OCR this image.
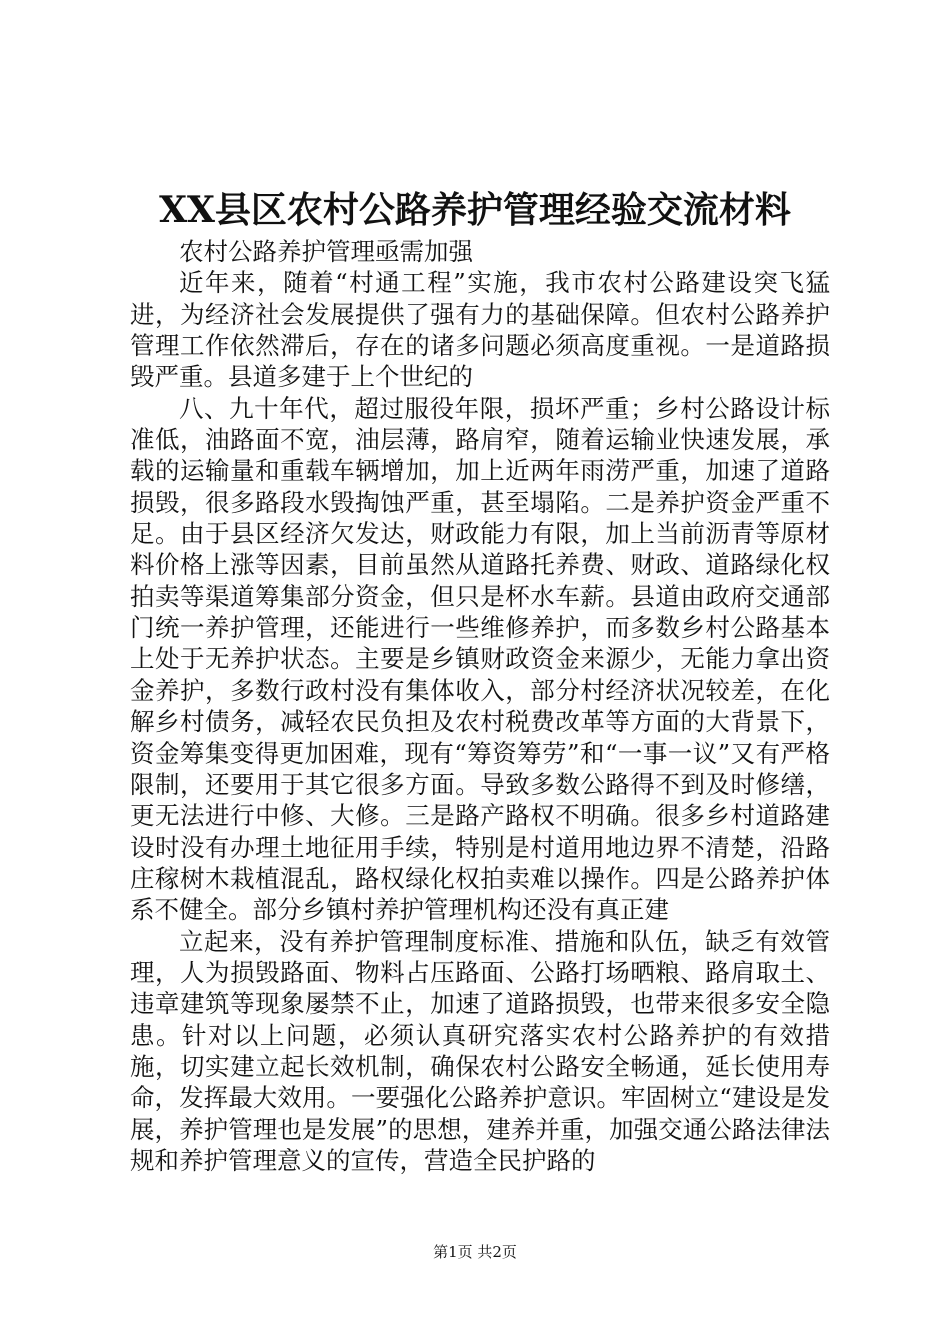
XX县区农村公路养护管理经验交流材料

农村公路养护管理亟需加强

近年来，随着“村通工程”实施，我市农村公路建设突飞猛进，为经济社会发展提供了强有力的基础保障。但农村公路养护管理工作依然滞后，存在的诸多问题必须高度重视。一是道路损毁严重。县道多建于上个世纪的

八、九十年代，超过服役年限，损坏严重；乡村公路设计标准低，油路面不宽，油层薄，路肩窄，随着运输业快速发展，承载的运输量和重载车辆增加，加上近两年雨涝严重，加速了道路损毁，很多路段水毁掏蚀严重，甚至塌陷。二是养护资金严重不足。由于县区经济欠发达，财政能力有限，加上当前沥青等原材料价格上涨等因素，目前虽然从道路托养费、财政、道路绿化权拍卖等渠道筹集部分资金，但只是杯水车薪。县道由政府交通部门统一养护管理，还能进行一些维修养护，而多数乡村公路基本上处于无养护状态。主要是乡镇财政资金来源少，无能力拿出资金养护，多数行政村没有集体收入，部分村经济状况较差，在化解乡村债务，减轻农民负担及农村税费改革等方面的大背景下，资金筹集变得更加困难，现有“筹资筹劳”和“一事一议”又有严格限制，还要用于其它很多方面。导致多数公路得不到及时修缮，更无法进行中修、大修。三是路产路权不明确。很多乡村道路建设时没有办理土地征用手续，特别是村道用地边界不清楚，沿路庄稼树木栽植混乱，路权绿化权拍卖难以操作。四是公路养护体系不健全。部分乡镇村养护管理机构还没有真正建

立起来，没有养护管理制度标准、措施和队伍，缺乏有效管理，人为损毁路面、物料占压路面、公路打场晒粮、路肩取土、违章建筑等现象屡禁不止，加速了道路损毁，也带来很多安全隐患。针对以上问题，必须认真研究落实农村公路养护的有效措施，切实建立起长效机制，确保农村公路安全畅通，延长使用寿命，发挥最大效用。一要强化公路养护意识。牢固树立“建设是发展，养护管理也是发展”的思想，建养并重，加强交通公路法律法规和养护管理意义的宣传，营造全民护路的

第1页 共2页
